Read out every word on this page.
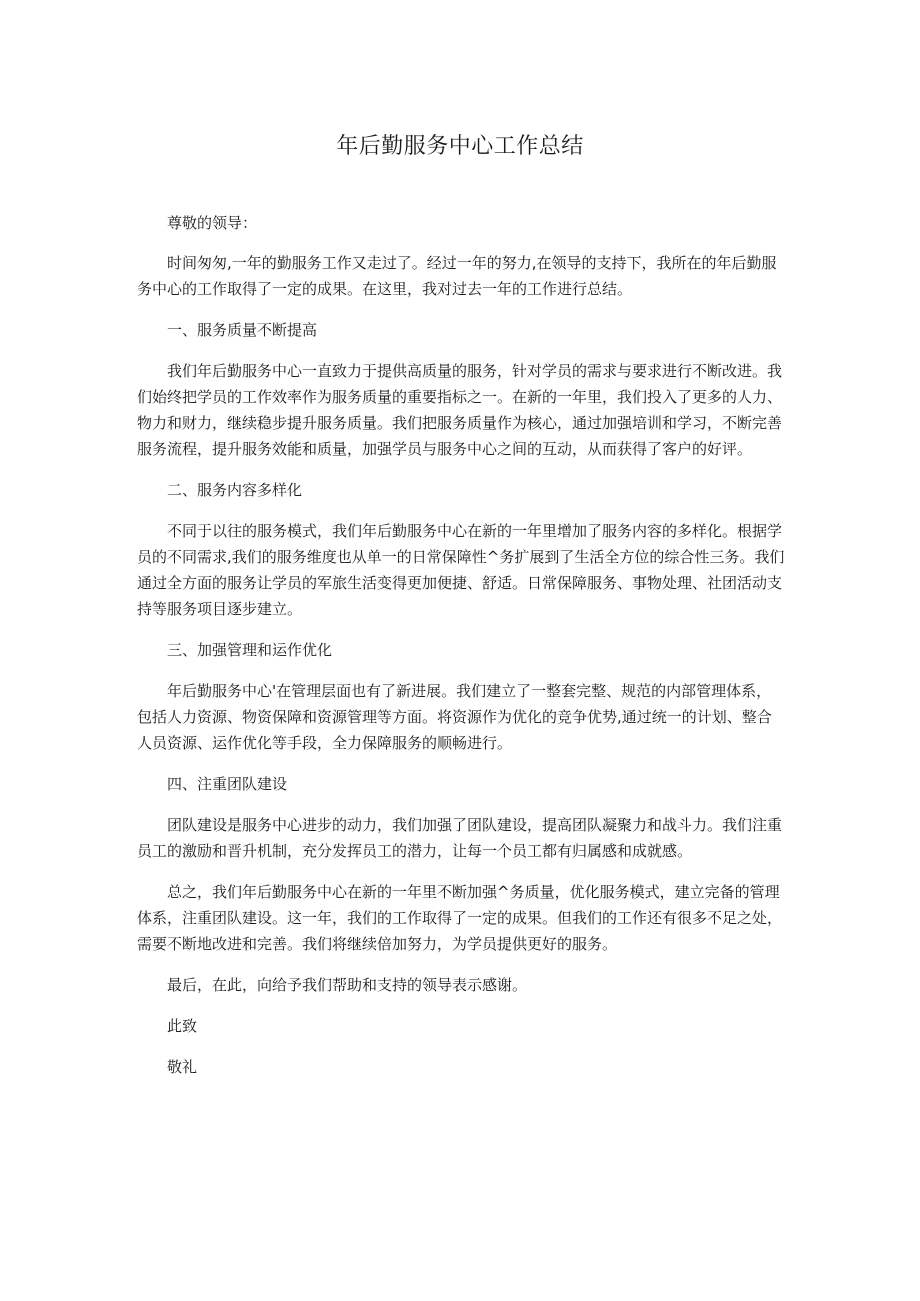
年后勤服务中心工作总结

尊敬的领导：

时间匆匆,一年的勤服务工作又走过了。经过一年的努力,在领导的支持下，我所在的年后勤服务中心的工作取得了一定的成果。在这里，我对过去一年的工作进行总结。

一、服务质量不断提高

我们年后勤服务中心一直致力于提供高质量的服务，针对学员的需求与要求进行不断改进。我们始终把学员的工作效率作为服务质量的重要指标之一。在新的一年里，我们投入了更多的人力、物力和财力，继续稳步提升服务质量。我们把服务质量作为核心，通过加强培训和学习，不断完善服务流程，提升服务效能和质量，加强学员与服务中心之间的互动，从而获得了客户的好评。

二、服务内容多样化

不同于以往的服务模式，我们年后勤服务中心在新的一年里增加了服务内容的多样化。根据学员的不同需求,我们的服务维度也从单一的日常保障性^务扩展到了生活全方位的综合性三务。我们通过全方面的服务让学员的军旅生活变得更加便捷、舒适。日常保障服务、事物处理、社团活动支持等服务项目逐步建立。

三、加强管理和运作优化

年后勤服务中心'在管理层面也有了新进展。我们建立了一整套完整、规范的内部管理体系，包括人力资源、物资保障和资源管理等方面。将资源作为优化的竞争优势,通过统一的计划、整合人员资源、运作优化等手段，全力保障服务的顺畅进行。

四、注重团队建设

团队建设是服务中心进步的动力，我们加强了团队建设，提高团队凝聚力和战斗力。我们注重员工的激励和晋升机制，充分发挥员工的潜力，让每一个员工都有归属感和成就感。

总之，我们年后勤服务中心在新的一年里不断加强^务质量，优化服务模式，建立完备的管理体系，注重团队建设。这一年，我们的工作取得了一定的成果。但我们的工作还有很多不足之处，需要不断地改进和完善。我们将继续倍加努力，为学员提供更好的服务。

最后，在此，向给予我们帮助和支持的领导表示感谢。

此致

敬礼
